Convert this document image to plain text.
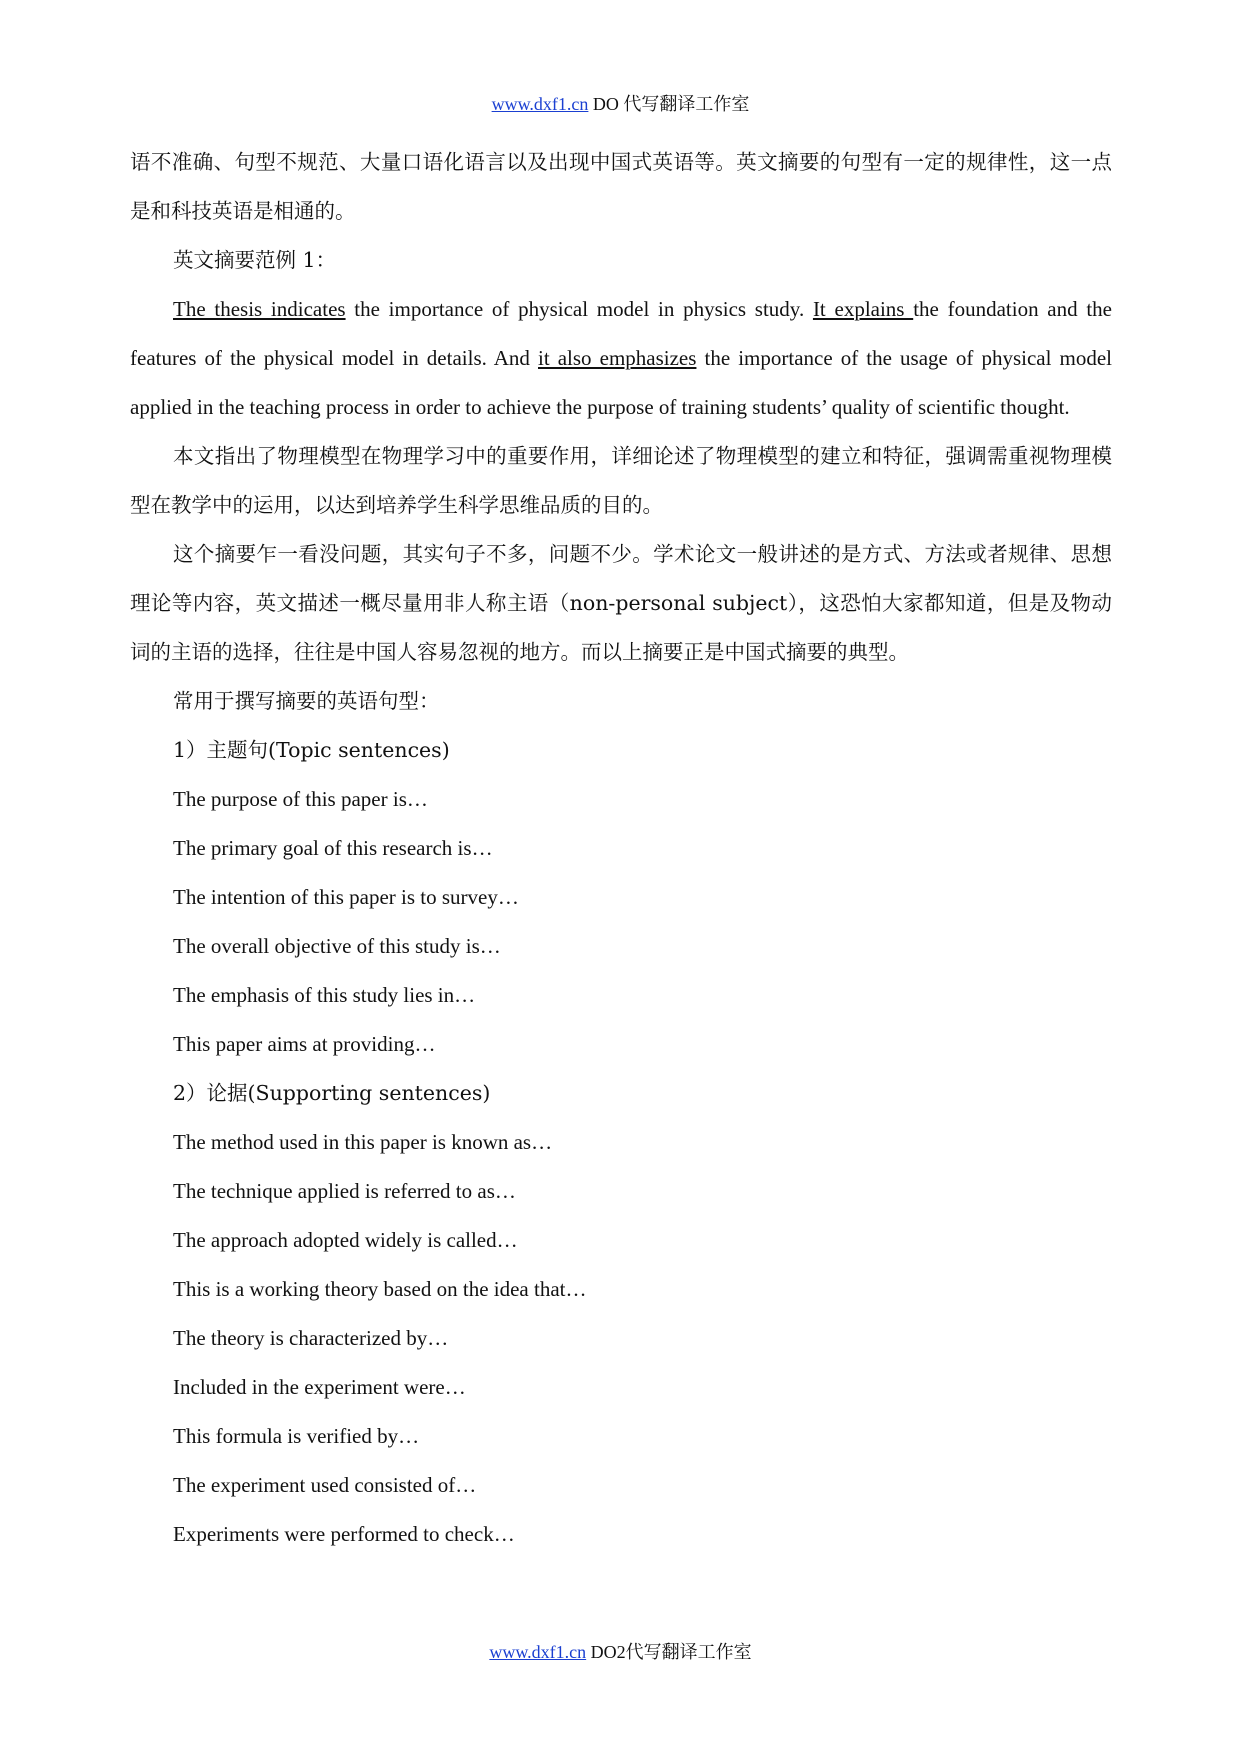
www.dxf1.cn DO 代写翻译工作室

语不准确、句型不规范、大量口语化语言以及出现中国式英语等。英文摘要的句型有一定的规律性，这一点是和科技英语是相通的。

英文摘要范例 1：

The thesis indicates the importance of physical model in physics study. It explains the foundation and the features of the physical model in details. And it also emphasizes the importance of the usage of physical model applied in the teaching process in order to achieve the purpose of training students’ quality of scientific thought.

本文指出了物理模型在物理学习中的重要作用，详细论述了物理模型的建立和特征，强调需重视物理模型在教学中的运用，以达到培养学生科学思维品质的目的。

这个摘要乍一看没问题，其实句子不多，问题不少。学术论文一般讲述的是方式、方法或者规律、思想理论等内容，英文描述一概尽量用非人称主语（non-personal subject），这恐怕大家都知道，但是及物动词的主语的选择，往往是中国人容易忽视的地方。而以上摘要正是中国式摘要的典型。

常用于撰写摘要的英语句型：

1）主题句(Topic sentences)

The purpose of this paper is…

The primary goal of this research is…

The intention of this paper is to survey…

The overall objective of this study is…

The emphasis of this study lies in…

This paper aims at providing…

2）论据(Supporting sentences)

The method used in this paper is known as…

The technique applied is referred to as…

The approach adopted widely is called…

This is a working theory based on the idea that…

The theory is characterized by…

Included in the experiment were…

This formula is verified by…

The experiment used consisted of…

Experiments were performed to check…

www.dxf1.cn DO2代写翻译工作室
